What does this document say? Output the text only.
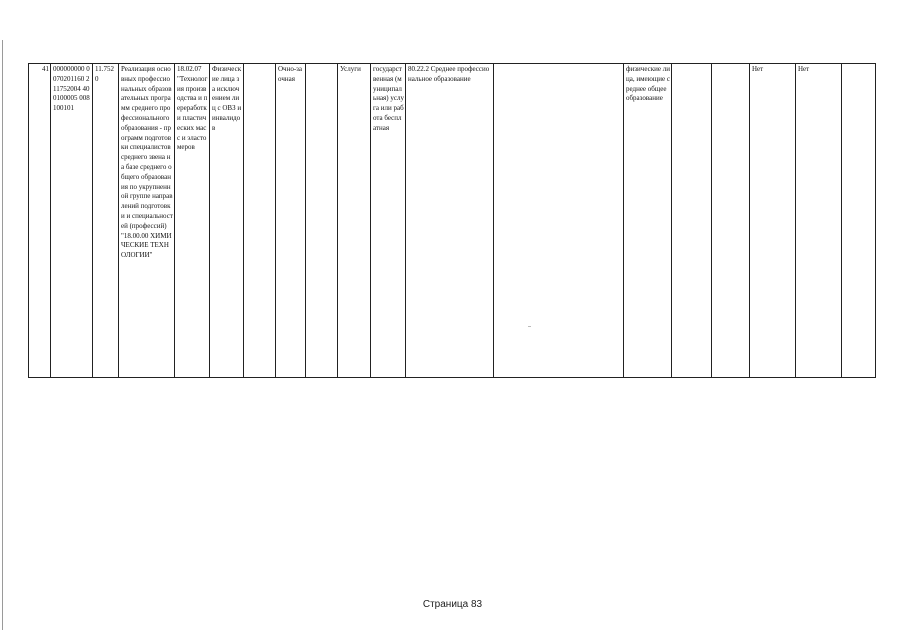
41	000000000 0070201160 211752004 400100005 008100101	11.752 0	Реализация основных профессиональных образовательных программ среднего профессионального образования - программ подготовки специалистов среднего звена на базе среднего общего образования по укрупненной группе направлений подготовки и специальностей (профессий) "18.00.00 ХИМИЧЕСКИЕ ТЕХНОЛОГИИ"	18.02.07 "Технология производства и переработки пластических масс и эластомеров	Физические лица за исключением лиц с ОВЗ и инвалидов		Очно-заочная		Услуги	государственная (муниципальная) услуга или работа бесплатная	80.22.2 Среднее профессиональное образование		физические лица, имеющие среднее общее образование			Нет	Нет	
Страница 83
